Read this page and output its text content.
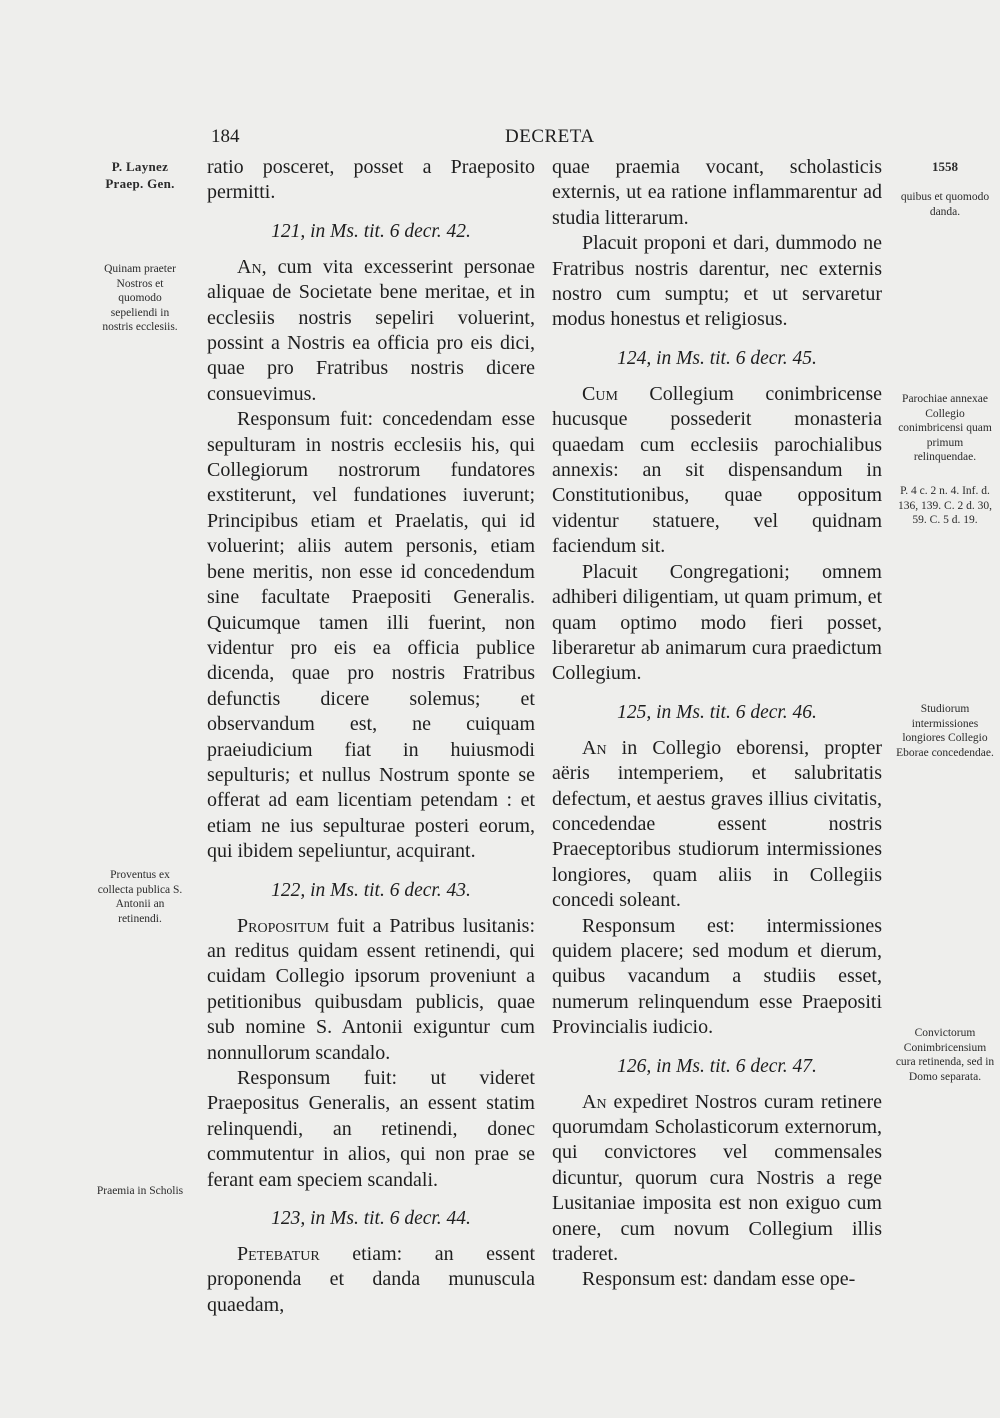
184	DECRETA
P. Laynez
Praep. Gen.
Quinam praeter Nostros et quomodo sepeliendi in nostris ecclesiis.
Proventus ex collecta publica S. Antonii an retinendi.
Praemia in Scholis
1558
quibus et quomodo danda.
Parochiae annexae Collegio conimbricensi quam primum relinquendae.
P. 4 c. 2 n. 4. Inf. d. 136, 139. C. 2 d. 30, 59. C. 5 d. 19.
Studiorum intermissiones longiores Collegio Eborae concedendae.
Convictorum Conimbricensium cura retinenda, sed in Domo separata.

ratio posceret, posset a Praeposito permitti.

121, in Ms. tit. 6 decr. 42.

An, cum vita excesserint personae aliquae de Societate bene meritae, et in ecclesiis nostris sepeliri voluerint, possint a Nostris ea officia pro eis dici, quae pro Fratribus nostris dicere consuevimus.

Responsum fuit: concedendam esse sepulturam in nostris ecclesiis his, qui Collegiorum nostrorum fundatores exstiterunt, vel fundationes iuverunt; Principibus etiam et Praelatis, qui id voluerint; aliis autem personis, etiam bene meritis, non esse id concedendum sine facultate Praepositi Generalis. Quicumque tamen illi fuerint, non videntur pro eis ea officia publice dicenda, quae pro nostris Fratribus defunctis dicere solemus; et observandum est, ne cuiquam praeiudicium fiat in huiusmodi sepulturis; et nullus Nostrum sponte se offerat ad eam licentiam petendam : et etiam ne ius sepulturae posteri eorum, qui ibidem sepeliuntur, acquirant.

122, in Ms. tit. 6 decr. 43.

Propositum fuit a Patribus lusitanis: an reditus quidam essent retinendi, qui cuidam Collegio ipsorum proveniunt a petitionibus quibusdam publicis, quae sub nomine S. Antonii exiguntur cum nonnullorum scandalo.

Responsum fuit: ut videret Praepositus Generalis, an essent statim relinquendi, an retinendi, donec commutentur in alios, qui non prae se ferant eam speciem scandali.

123, in Ms. tit. 6 decr. 44.

Petebatur etiam: an essent proponenda et danda munuscula quaedam,

quae praemia vocant, scholasticis externis, ut ea ratione inflammarentur ad studia litterarum.

Placuit proponi et dari, dummodo ne Fratribus nostris darentur, nec externis nostro cum sumptu; et ut servaretur modus honestus et religiosus.

124, in Ms. tit. 6 decr. 45.

Cum Collegium conimbricense hucusque possederit monasteria quaedam cum ecclesiis parochialibus annexis: an sit dispensandum in Constitutionibus, quae oppositum videntur statuere, vel quidnam faciendum sit.

Placuit Congregationi; omnem adhiberi diligentiam, ut quam primum, et quam optimo modo fieri posset, liberaretur ab animarum cura praedictum Collegium.

125, in Ms. tit. 6 decr. 46.

An in Collegio eborensi, propter aëris intemperiem, et salubritatis defectum, et aestus graves illius civitatis, concedendae essent nostris Praeceptoribus studiorum intermissiones longiores, quam aliis in Collegiis concedi soleant.

Responsum est: intermissiones quidem placere; sed modum et dierum, quibus vacandum a studiis esset, numerum relinquendum esse Praepositi Provincialis iudicio.

126, in Ms. tit. 6 decr. 47.

An expediret Nostros curam retinere quorumdam Scholasticorum externorum, qui convictores vel commensales dicuntur, quorum cura Nostris a rege Lusitaniae imposita est non exiguo cum onere, cum novum Collegium illis traderet.

Responsum est: dandam esse ope-
